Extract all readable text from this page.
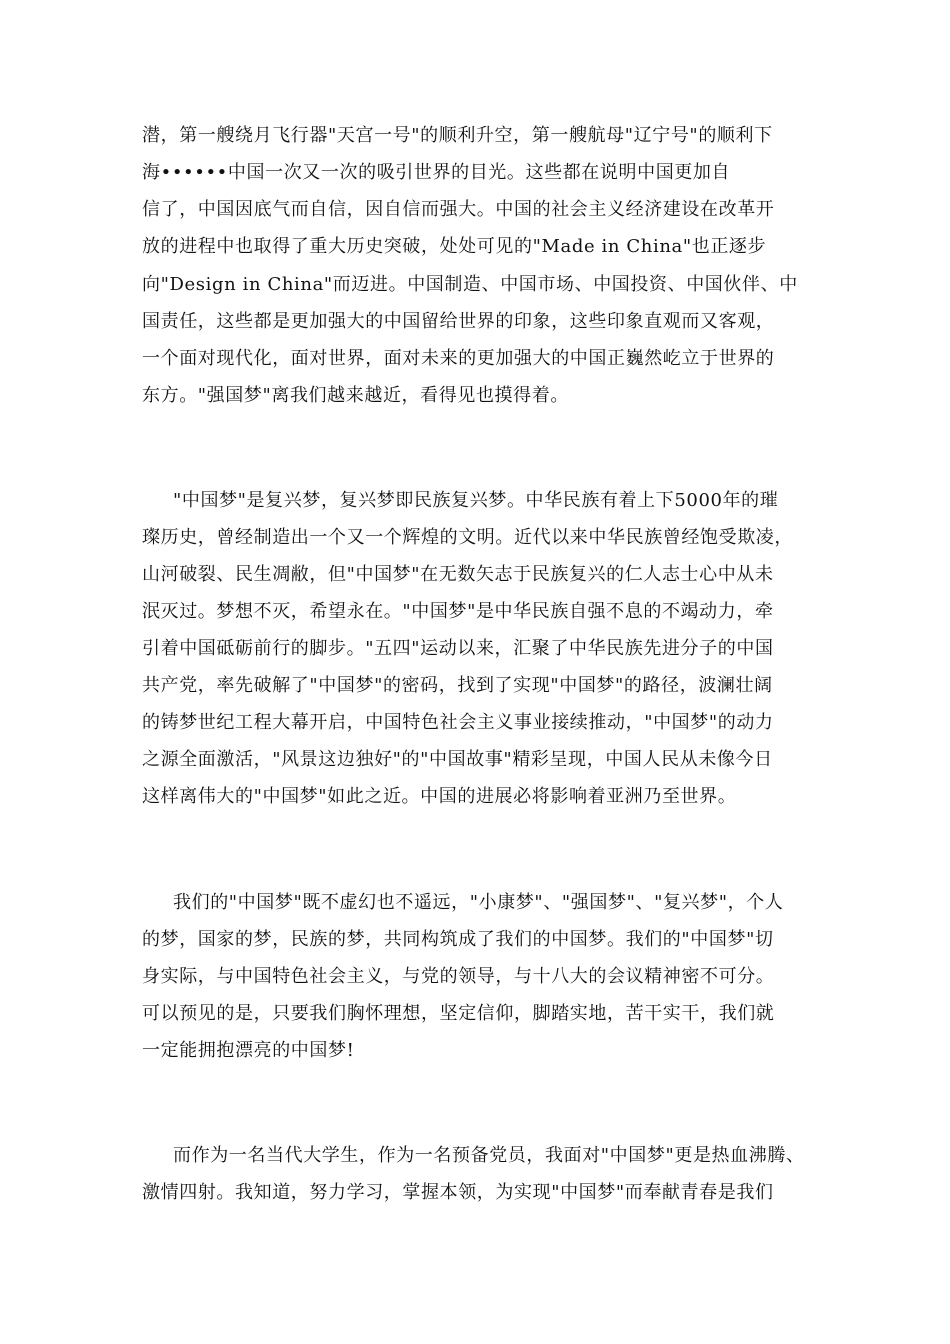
潜，第一艘绕月飞行器"天宫一号"的顺利升空，第一艘航母"辽宁号"的顺利下
海••••••中国一次又一次的吸引世界的目光。这些都在说明中国更加自
信了，中国因底气而自信，因自信而强大。中国的社会主义经济建设在改革开
放的进程中也取得了重大历史突破，处处可见的"Made in China"也正逐步
向"Design in China"而迈进。中国制造、中国市场、中国投资、中国伙伴、中
国责任，这些都是更加强大的中国留给世界的印象，这些印象直观而又客观，
一个面对现代化，面对世界，面对未来的更加强大的中国正巍然屹立于世界的
东方。"强国梦"离我们越来越近，看得见也摸得着。
"中国梦"是复兴梦，复兴梦即民族复兴梦。中华民族有着上下5000年的璀
璨历史，曾经制造出一个又一个辉煌的文明。近代以来中华民族曾经饱受欺凌，
山河破裂、民生凋敝，但"中国梦"在无数矢志于民族复兴的仁人志士心中从未
泯灭过。梦想不灭，希望永在。"中国梦"是中华民族自强不息的不竭动力，牵
引着中国砥砺前行的脚步。"五四"运动以来，汇聚了中华民族先进分子的中国
共产党，率先破解了"中国梦"的密码，找到了实现"中国梦"的路径，波澜壮阔
的铸梦世纪工程大幕开启，中国特色社会主义事业接续推动，"中国梦"的动力
之源全面激活，"风景这边独好"的"中国故事"精彩呈现，中国人民从未像今日
这样离伟大的"中国梦"如此之近。中国的进展必将影响着亚洲乃至世界。
我们的"中国梦"既不虚幻也不遥远，"小康梦"、"强国梦"、"复兴梦"，个人
的梦，国家的梦，民族的梦，共同构筑成了我们的中国梦。我们的"中国梦"切
身实际，与中国特色社会主义，与党的领导，与十八大的会议精神密不可分。
可以预见的是，只要我们胸怀理想，坚定信仰，脚踏实地，苦干实干，我们就
一定能拥抱漂亮的中国梦!
而作为一名当代大学生，作为一名预备党员，我面对"中国梦"更是热血沸腾、
激情四射。我知道，努力学习，掌握本领，为实现"中国梦"而奉献青春是我们
